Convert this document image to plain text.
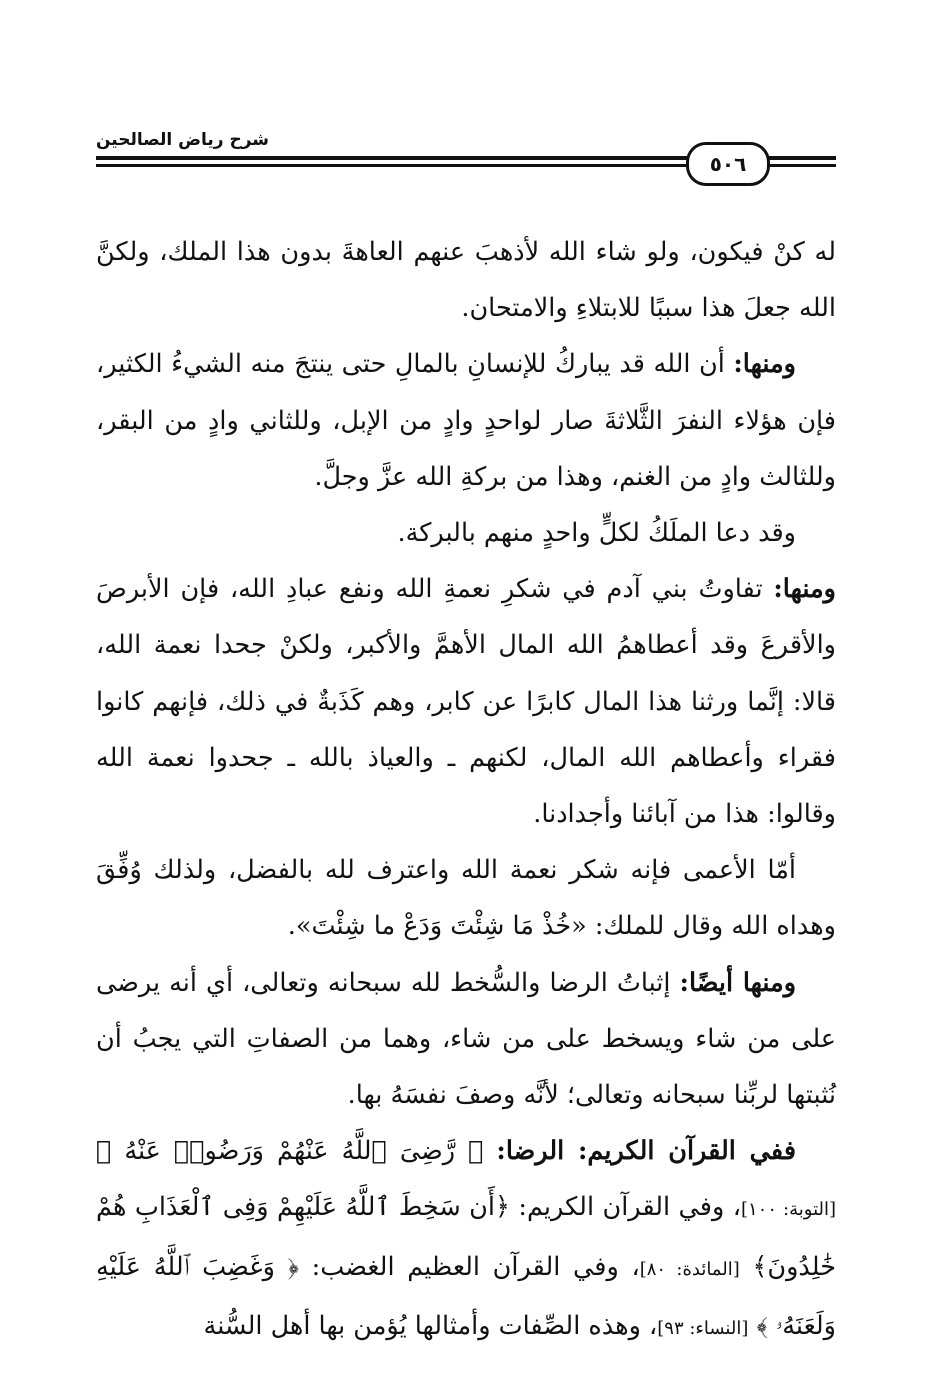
شرح رياض الصالحين
٥٠٦

له كنْ فيكون، ولو شاء الله لأذهبَ عنهم العاهةَ بدون هذا الملك، ولكنَّ الله جعلَ هذا سببًا للابتلاءِ والامتحان.

ومنها: أن الله قد يباركُ للإنسانِ بالمالِ حتى ينتجَ منه الشيءُ الكثير، فإن هؤلاء النفرَ الثَّلاثةَ صار لواحدٍ وادٍ من الإبل، وللثاني وادٍ من البقر، وللثالث وادٍ من الغنم، وهذا من بركةِ الله عزَّ وجلَّ.

وقد دعا الملَكُ لكلٍّ واحدٍ منهم بالبركة.

ومنها: تفاوتُ بني آدم في شكرِ نعمةِ الله ونفع عبادِ الله، فإن الأبرصَ والأقرعَ وقد أعطاهمُ الله المال الأهمَّ والأكبر، ولكنْ جحدا نعمة الله، قالا: إنَّما ورثنا هذا المال كابرًا عن كابر، وهم كَذَبةٌ في ذلك، فإنهم كانوا فقراء وأعطاهم الله المال، لكنهم ـ والعياذ بالله ـ جحدوا نعمة الله وقالوا: هذا من آبائنا وأجدادنا.

أمّا الأعمى فإنه شكر نعمة الله واعترف لله بالفضل، ولذلك وُفِّقَ وهداه الله وقال للملك: «خُذْ مَا شِئْتَ وَدَعْ ما شِئْتَ».

ومنها أيضًا: إثباتُ الرضا والسُّخط لله سبحانه وتعالى، أي أنه يرضى على من شاء ويسخط على من شاء، وهما من الصفاتِ التي يجبُ أن نُثبتها لربِّنا سبحانه وتعالى؛ لأنَّه وصفَ نفسَهُ بها.

ففي القرآن الكريم: الرضا: ﴿ رَّضِىَ ٱللَّهُ عَنْهُمْ وَرَضُوا۟ عَنْهُ ﴾ [التوبة: ١٠٠]، وفي القرآن الكريم: ﴿أَن سَخِطَ ٱللَّهُ عَلَيْهِمْ وَفِى ٱلْعَذَابِ هُمْ خَٰلِدُونَ﴾ [المائدة: ٨٠]، وفي القرآن العظيم الغضب: ﴿ وَغَضِبَ ٱللَّهُ عَلَيْهِ وَلَعَنَهُۥ ﴾ [النساء: ٩٣]، وهذه الصِّفات وأمثالها يُؤمن بها أهل السُّنة
